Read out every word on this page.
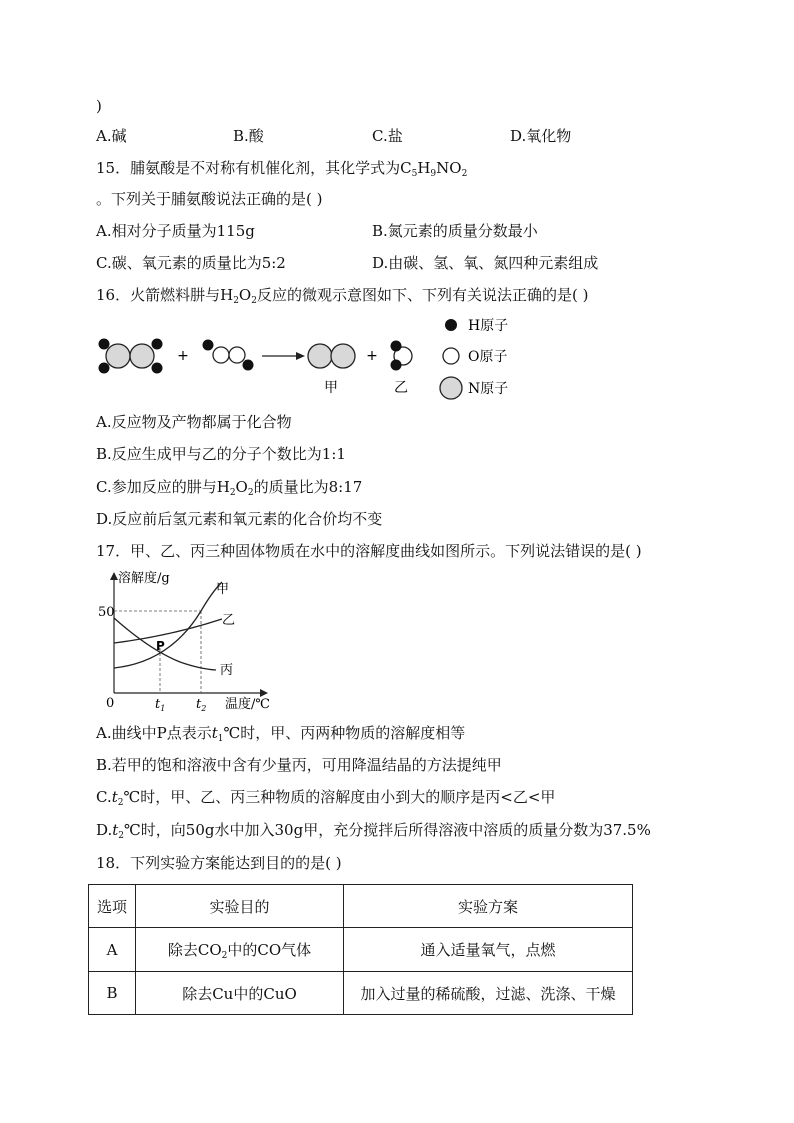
)
A.碱	B.酸	C.盐	D.氧化物
15．脯氨酸是不对称有机催化剂，其化学式为$C_5H_9NO_2$
。下列关于脯氨酸说法正确的是( )
A.相对分子质量为115g	B.氮元素的质量分数最小
C.碳、氧元素的质量比为5:2	D.由碳、氢、氧、氮四种元素组成
16．火箭燃料肼与$H_2O_2$反应的微观示意图如下、下列有关说法正确的是( )
+	+
甲	乙
H原子
O原子
N原子
A.反应物及产物都属于化合物
B.反应生成甲与乙的分子个数比为1:1
C.参加反应的肼与$H_2O_2$的质量比为8:17
D.反应前后氢元素和氧元素的化合价均不变
17．甲、乙、丙三种固体物质在水中的溶解度曲线如图所示。下列说法错误的是( )
溶解度/g
50
0	$t_1$ $t_2$ 温度/℃
P
甲
乙
丙
A.曲线中P点表示$t_1℃$时，甲、丙两种物质的溶解度相等
B.若甲的饱和溶液中含有少量丙，可用降温结晶的方法提纯甲
$C.t_2℃$时，甲、乙、丙三种物质的溶解度由小到大的顺序是丙<乙<甲
$D.t_2℃$时，向50g水中加入30g甲，充分搅拌后所得溶液中溶质的质量分数为37.5%
18．下列实验方案能达到目的的是( )
选项	实验目的	实验方案
A	除去$CO_2$中的CO气体	通入适量氧气，点燃
B	除去Cu中的CuO	加入过量的稀硫酸，过滤、洗涤、干燥
